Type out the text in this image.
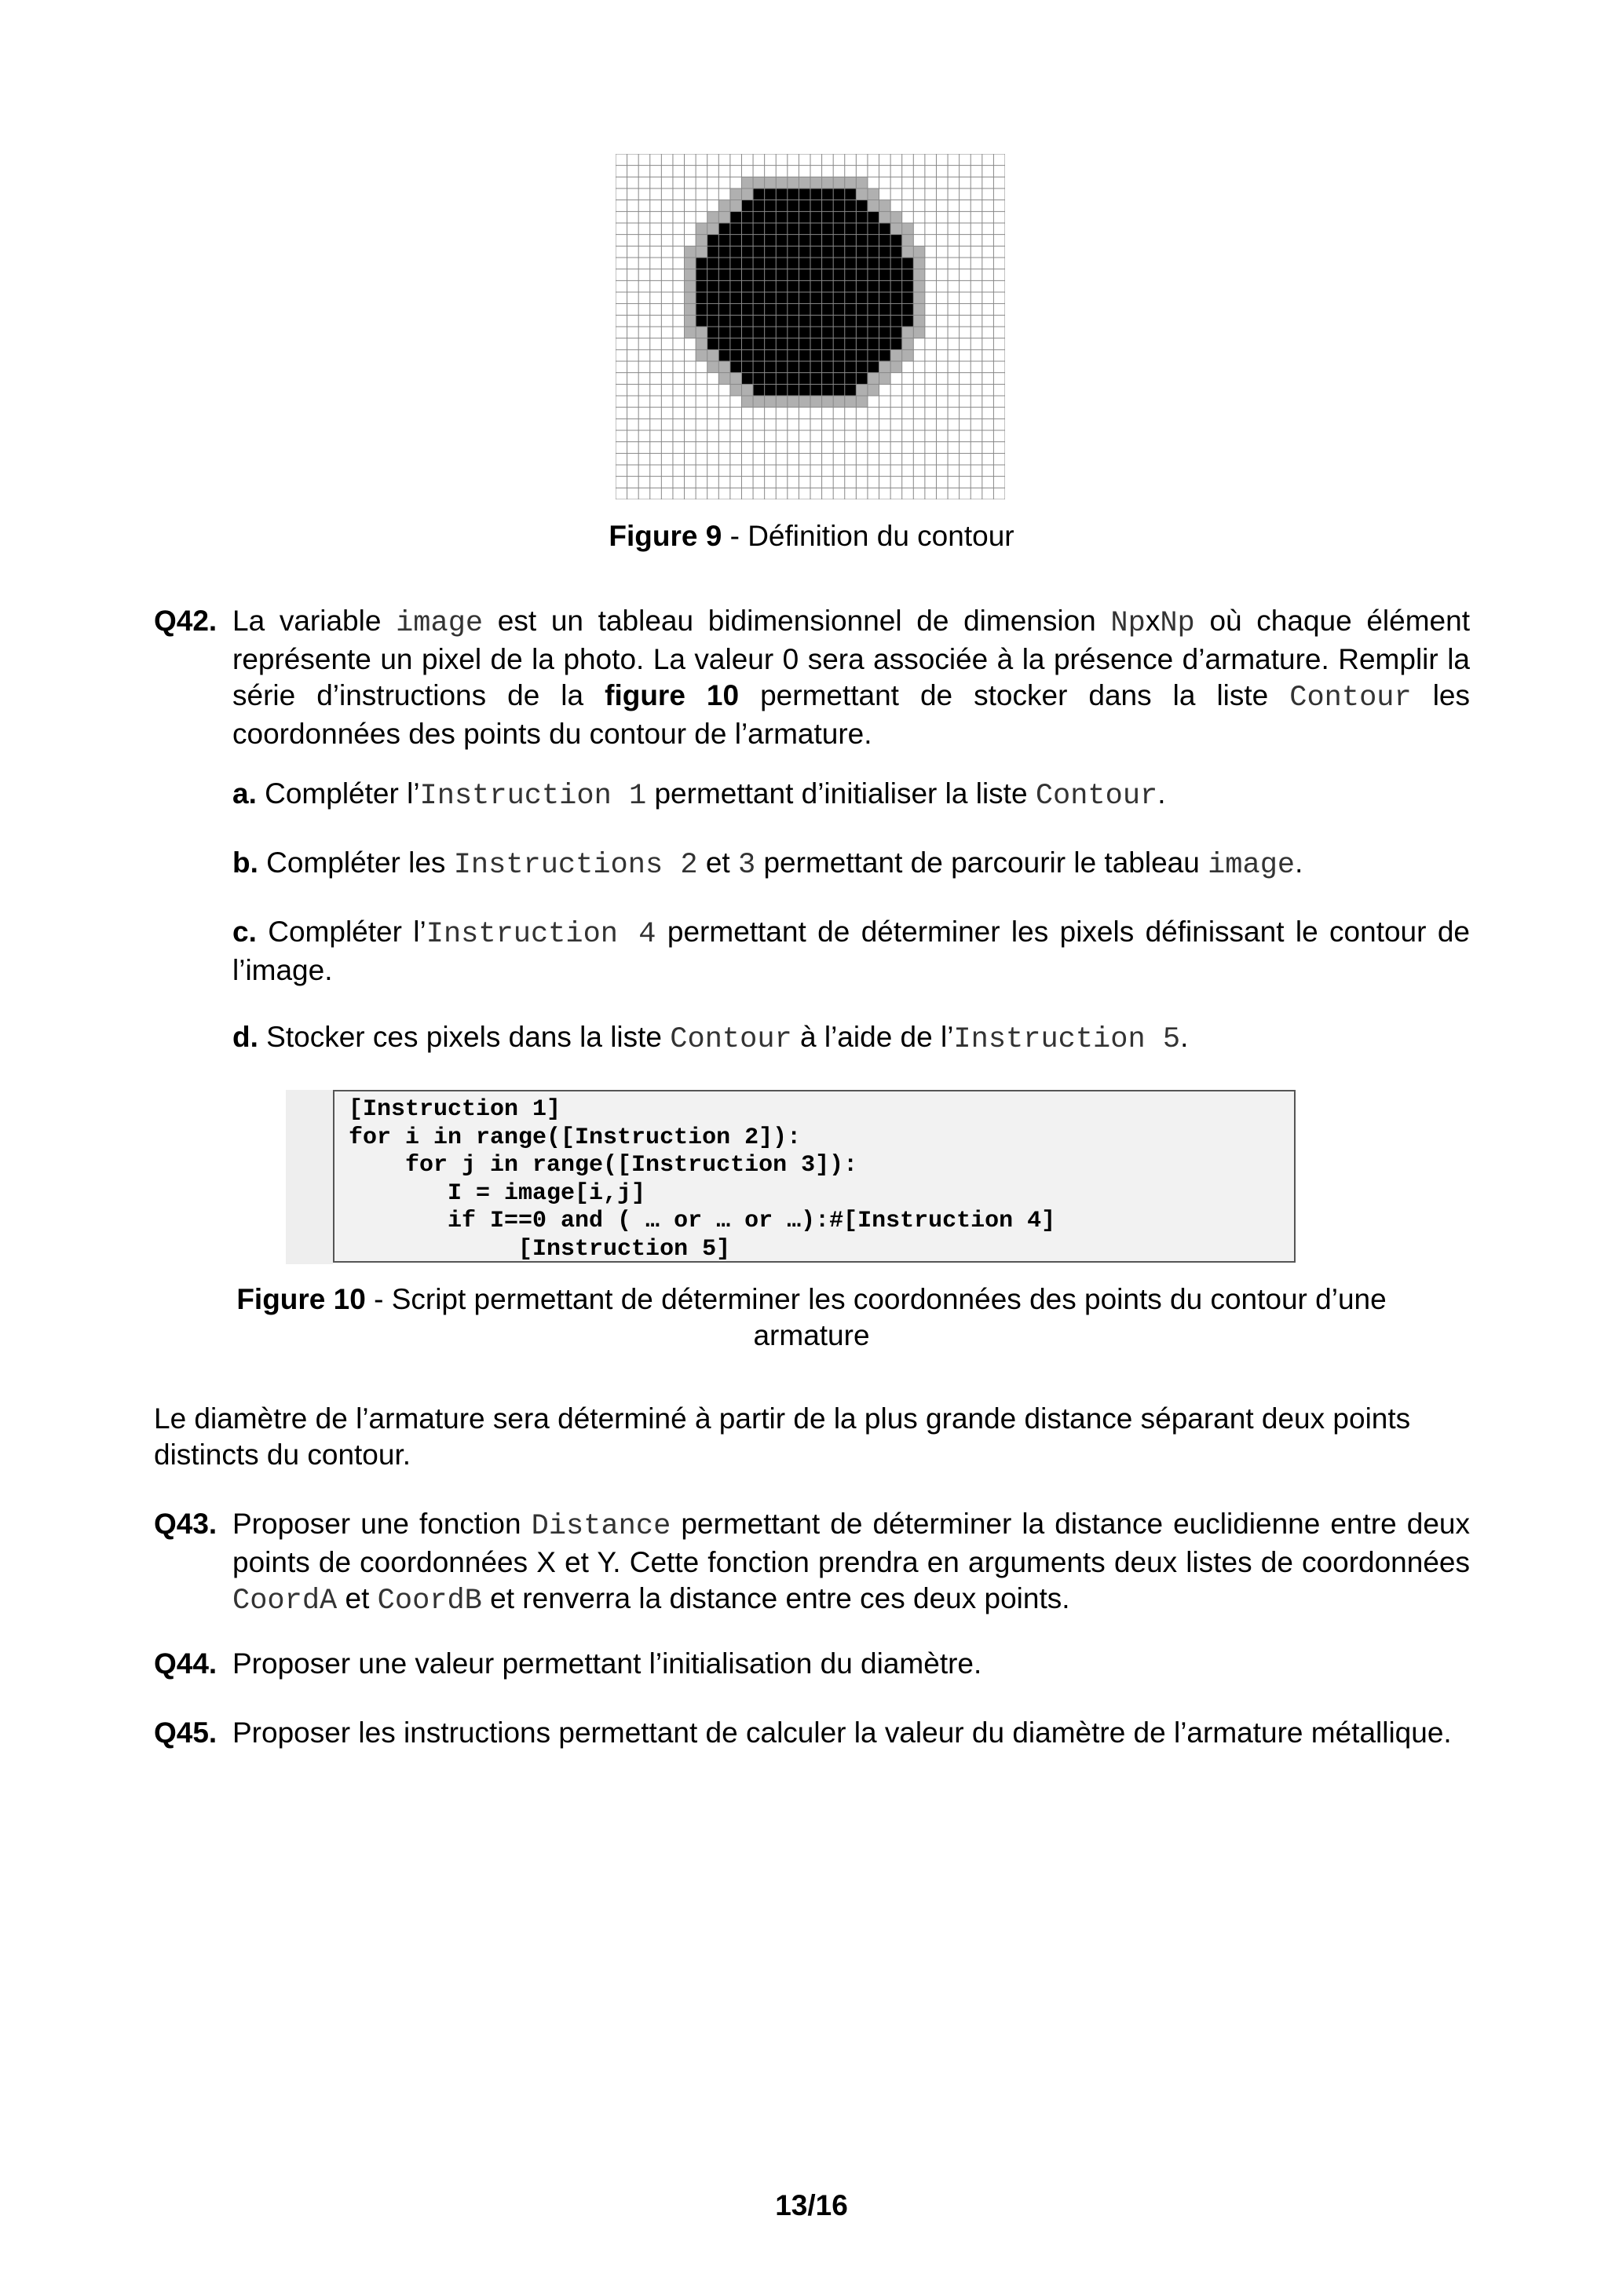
Figure 9 - Définition du contour
Q42. La variable image est un tableau bidimensionnel de dimension NpxNp où chaque élément représente un pixel de la photo. La valeur 0 sera associée à la présence d’armature. Remplir la série d’instructions de la figure 10 permettant de stocker dans la liste Contour les coordonnées des points du contour de l’armature.
a. Compléter l’Instruction 1 permettant d’initialiser la liste Contour.
b. Compléter les Instructions 2 et 3 permettant de parcourir le tableau image.
c. Compléter l’Instruction 4 permettant de déterminer les pixels définissant le contour de l’image.
d. Stocker ces pixels dans la liste Contour à l’aide de l’Instruction 5.
[Instruction 1]
for i in range([Instruction 2]):
for j in range([Instruction 3]):
I = image[i,j]
if I==0 and ( … or … or …):#[Instruction 4]
[Instruction 5]
Figure 10 - Script permettant de déterminer les coordonnées des points du contour d’une
armature
Le diamètre de l’armature sera déterminé à partir de la plus grande distance séparant deux points distincts du contour.
Q43. Proposer une fonction Distance permettant de déterminer la distance euclidienne entre deux points de coordonnées X et Y. Cette fonction prendra en arguments deux listes de coordonnées CoordA et CoordB et renverra la distance entre ces deux points.
Q44. Proposer une valeur permettant l’initialisation du diamètre.
Q45. Proposer les instructions permettant de calculer la valeur du diamètre de l’armature métallique.
13/16
